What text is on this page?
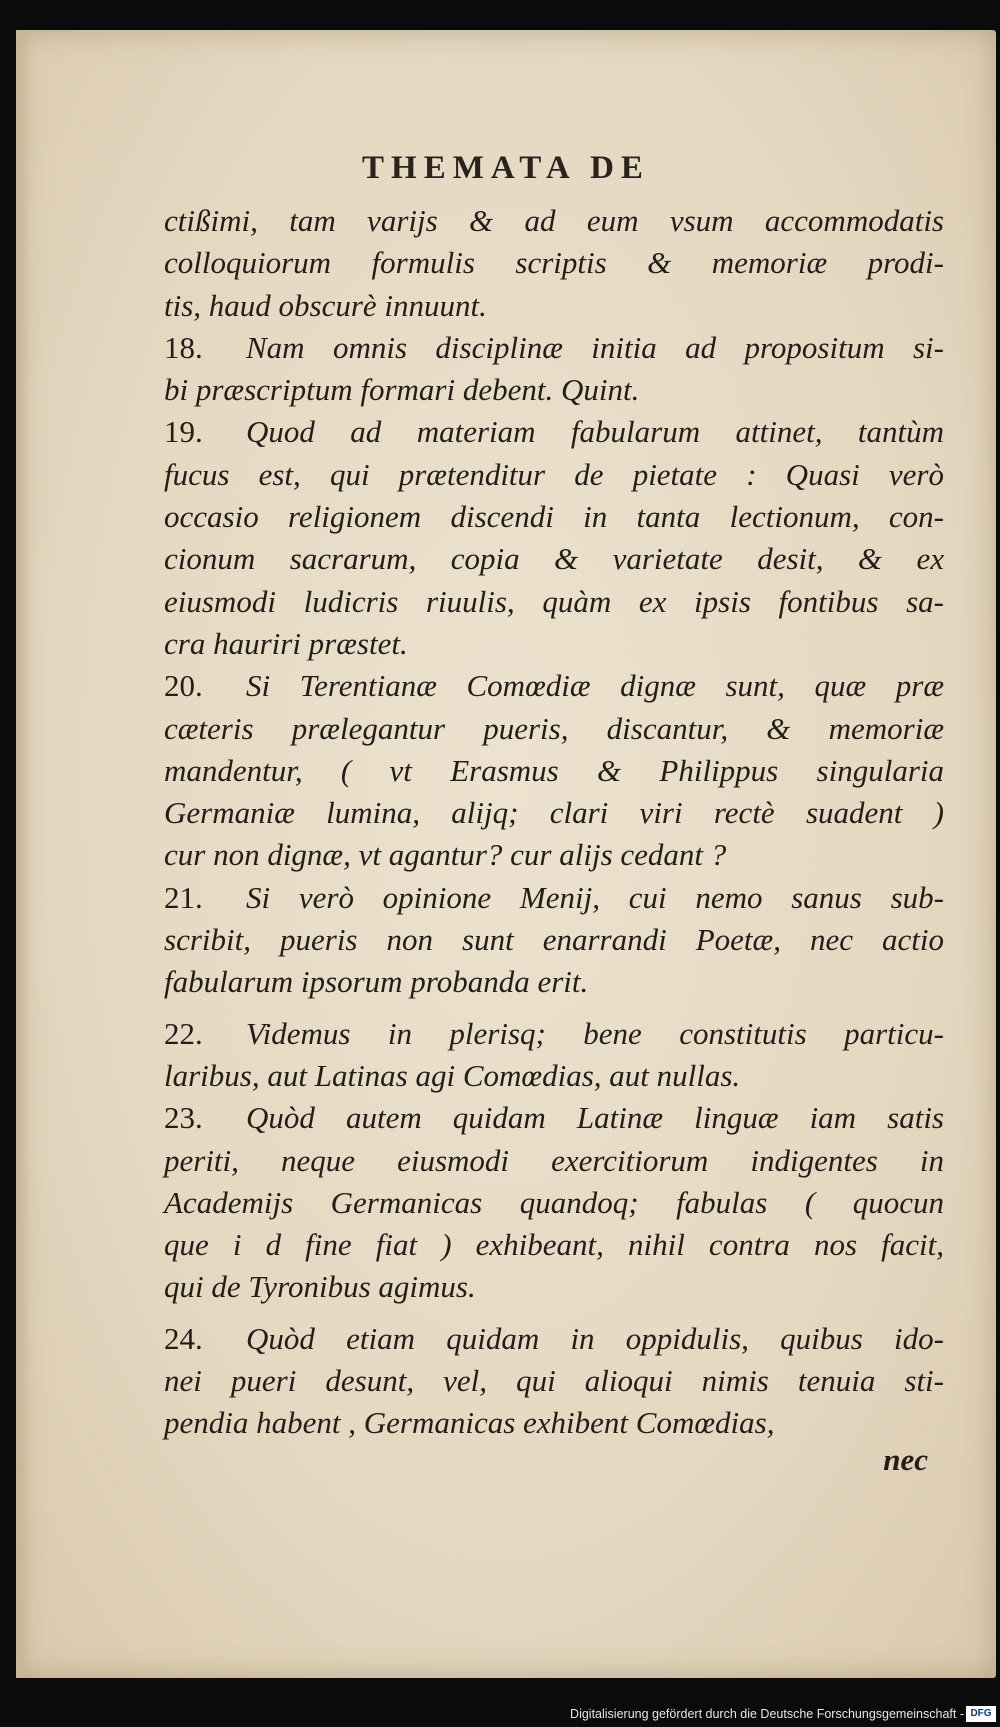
THEMATA DE
ctißimi, tam varijs & ad eum vsum accommodatis
colloquiorum formulis scriptis & memoriæ prodi-
tis, haud obscurè innuunt.
18. Nam omnis disciplinæ initia ad propositum si-
bi præscriptum formari debent. Quint.
19. Quod ad materiam fabularum attinet, tantùm
fucus est, qui prætenditur de pietate : Quasi verò
occasio religionem discendi in tanta lectionum, con-
cionum sacrarum, copia & varietate desit, & ex
eiusmodi ludicris riuulis, quàm ex ipsis fontibus sa-
cra hauriri præstet.
20. Si Terentianæ Comœdiæ dignæ sunt, quæ præ
cæteris prælegantur pueris, discantur, & memoriæ
mandentur, ( vt Erasmus & Philippus singularia
Germaniæ lumina, alijq; clari viri rectè suadent )
cur non dignæ, vt agantur? cur alijs cedant ?
21. Si verò opinione Menij, cui nemo sanus sub-
scribit, pueris non sunt enarrandi Poetæ, nec actio
fabularum ipsorum probanda erit.
22. Videmus in plerisq; bene constitutis particu-
laribus, aut Latinas agi Comœdias, aut nullas.
23. Quòd autem quidam Latinæ linguæ iam satis
periti, neque eiusmodi exercitiorum indigentes in
Academijs Germanicas quandoq; fabulas ( quocun
que i d fine fiat ) exhibeant, nihil contra nos facit,
qui de Tyronibus agimus.
24. Quòd etiam quidam in oppidulis, quibus ido-
nei pueri desunt, vel, qui alioqui nimis tenuia sti-
pendia habent , Germanicas exhibent Comœdias,
nec
Digitalisierung gefördert durch die Deutsche Forschungsgemeinschaft - DFG
